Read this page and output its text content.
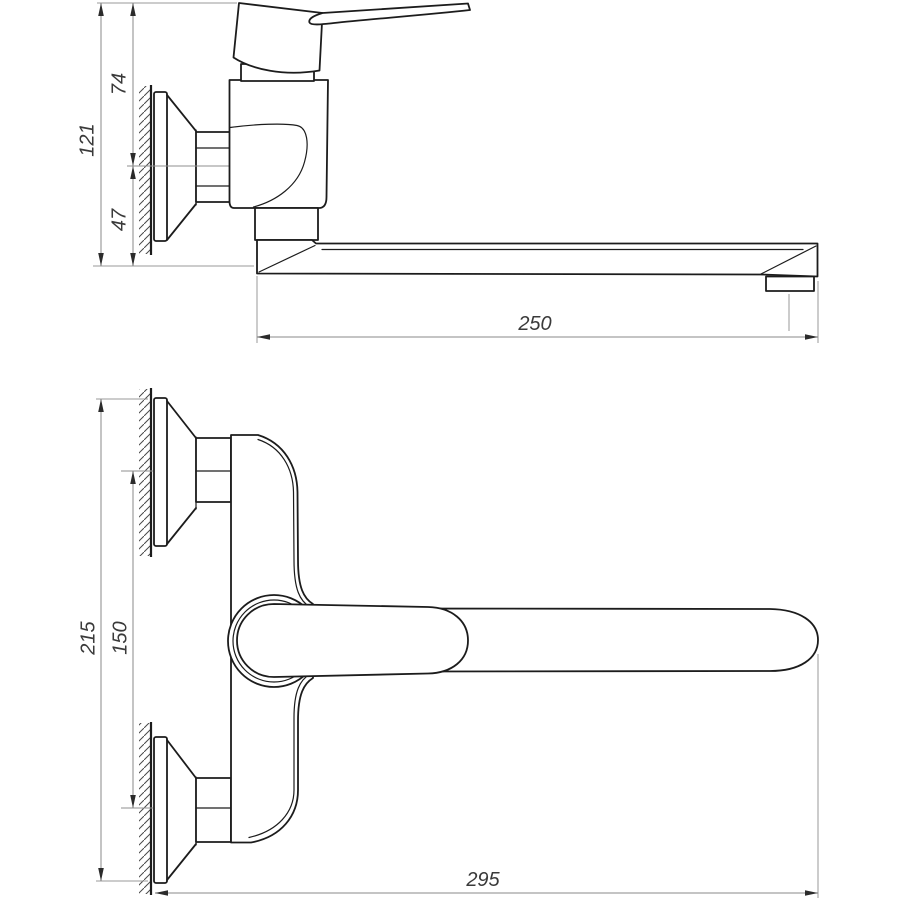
121
74
47
250
215 150
295
